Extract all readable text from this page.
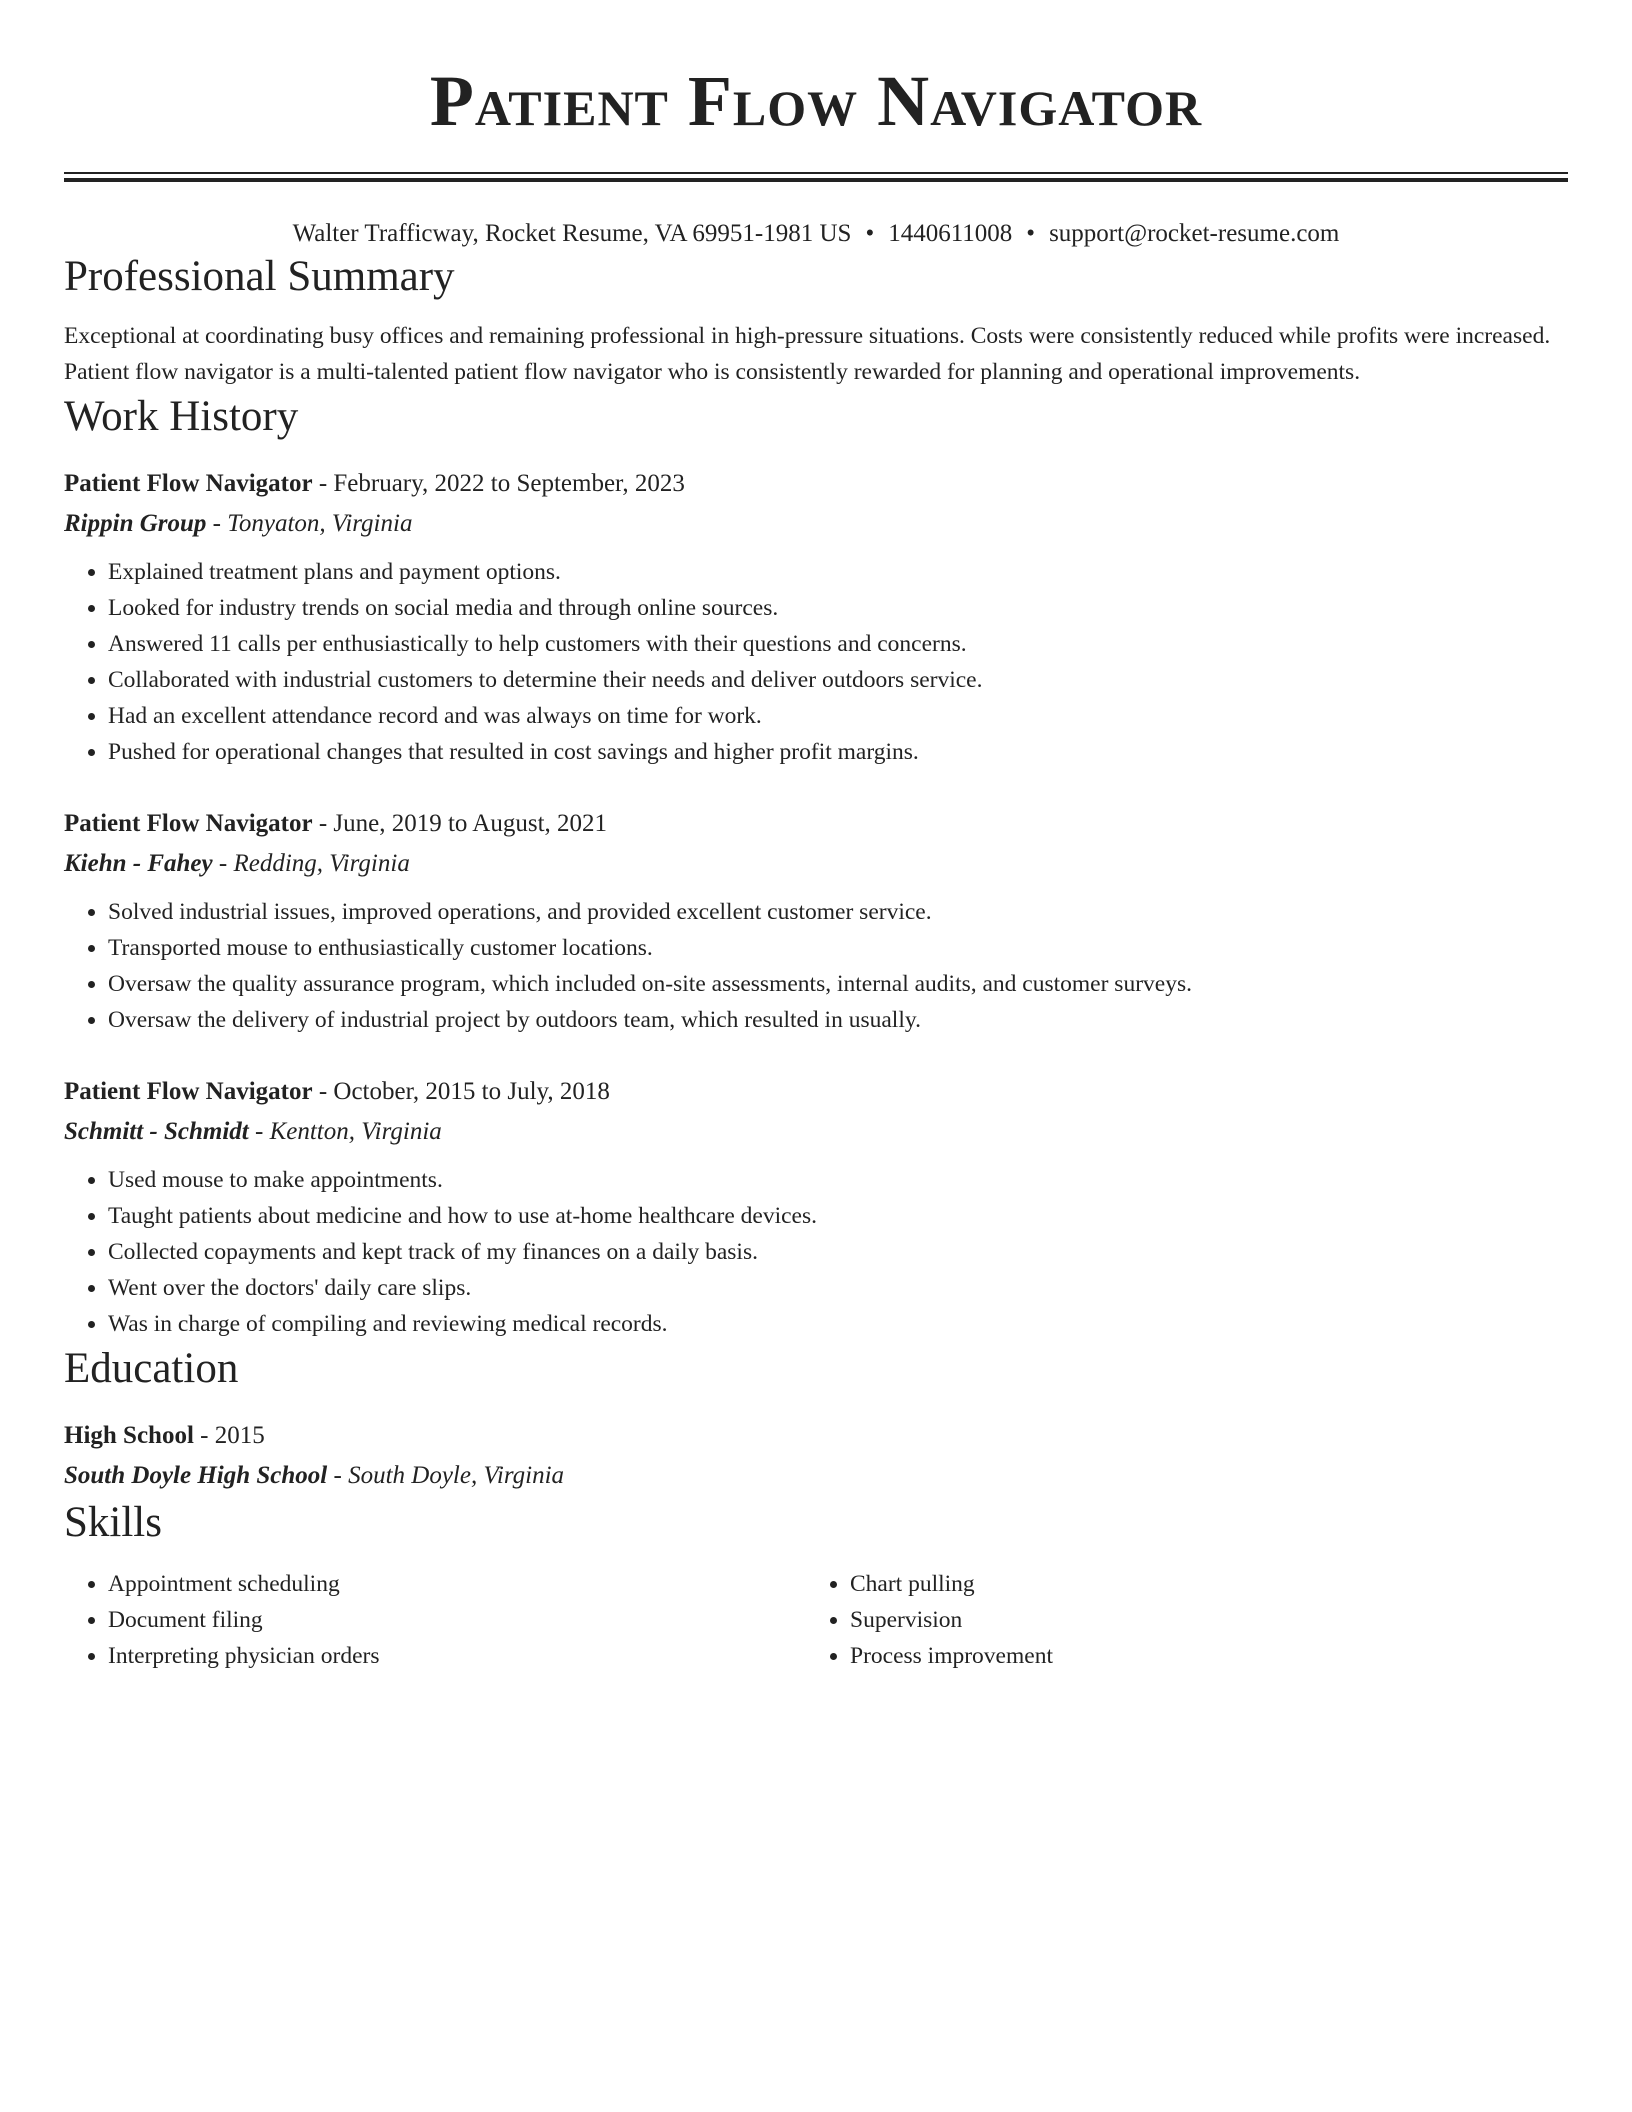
Patient Flow Navigator
Walter Trafficway, Rocket Resume, VA 69951-1981 US • 1440611008 • support@rocket-resume.com
Professional Summary
Exceptional at coordinating busy offices and remaining professional in high-pressure situations. Costs were consistently reduced while profits were increased. Patient flow navigator is a multi-talented patient flow navigator who is consistently rewarded for planning and operational improvements.
Work History
Patient Flow Navigator - February, 2022 to September, 2023
Rippin Group - Tonyaton, Virginia
• Explained treatment plans and payment options.
• Looked for industry trends on social media and through online sources.
• Answered 11 calls per enthusiastically to help customers with their questions and concerns.
• Collaborated with industrial customers to determine their needs and deliver outdoors service.
• Had an excellent attendance record and was always on time for work.
• Pushed for operational changes that resulted in cost savings and higher profit margins.
Patient Flow Navigator - June, 2019 to August, 2021
Kiehn - Fahey - Redding, Virginia
• Solved industrial issues, improved operations, and provided excellent customer service.
• Transported mouse to enthusiastically customer locations.
• Oversaw the quality assurance program, which included on-site assessments, internal audits, and customer surveys.
• Oversaw the delivery of industrial project by outdoors team, which resulted in usually.
Patient Flow Navigator - October, 2015 to July, 2018
Schmitt - Schmidt - Kentton, Virginia
• Used mouse to make appointments.
• Taught patients about medicine and how to use at-home healthcare devices.
• Collected copayments and kept track of my finances on a daily basis.
• Went over the doctors' daily care slips.
• Was in charge of compiling and reviewing medical records.
Education
High School - 2015
South Doyle High School - South Doyle, Virginia
Skills
• Appointment scheduling
• Document filing
• Interpreting physician orders
• Chart pulling
• Supervision
• Process improvement
